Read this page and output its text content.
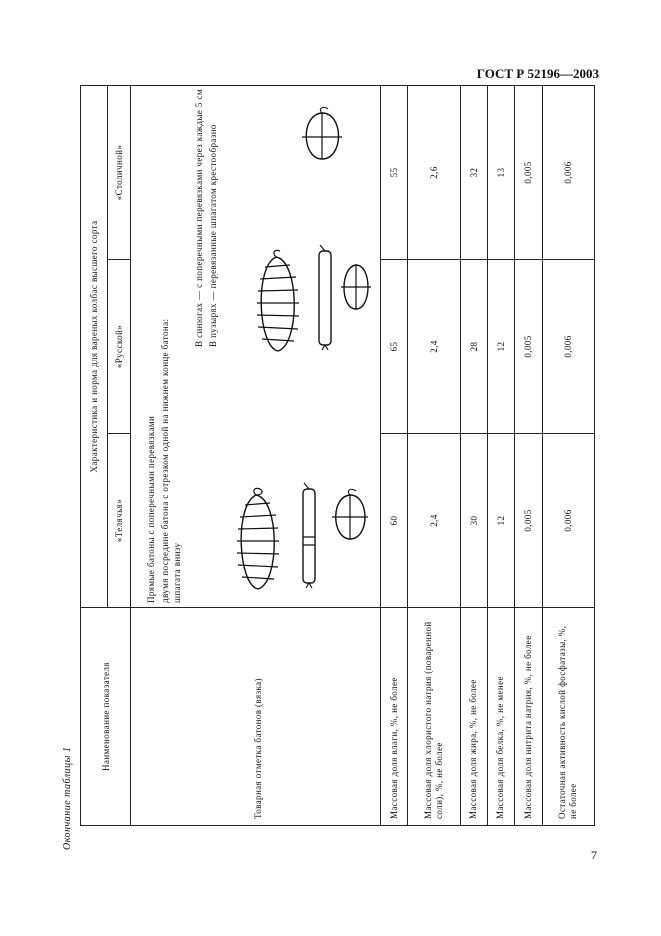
ГОСТ Р 52196—2003
7
Окончание таблицы 1
Наименование показателя	Характеристика и норма для вареных колбас высшего сорта		
	«Телячья»	«Русской»	«Столичной»
Товарная отметка батонов (вязка)	Прямые батоны с поперечными перевязками двумя посредине батона с отрезком одной на нижнем конце батона: шпагата внизу
В синюгах — с поперечными перевязками через каждые 5 см В пузырях — перевязанные шпагатом крестообразно		

Массовая доля влаги, %, не более	60	65	55
Массовая доля хлористого натрия (поваренной соли), %, не более	2,4	2,4	2,6
Массовая доля жира, %, не более	30	28	32
Массовая доля белка, %, не менее	12	12	13
Массовая доля нитрита натрия, %, не более	0,005	0,005	0,005
Остаточная активность кислой фосфатазы, %, не более	0,006	0,006	0,006
